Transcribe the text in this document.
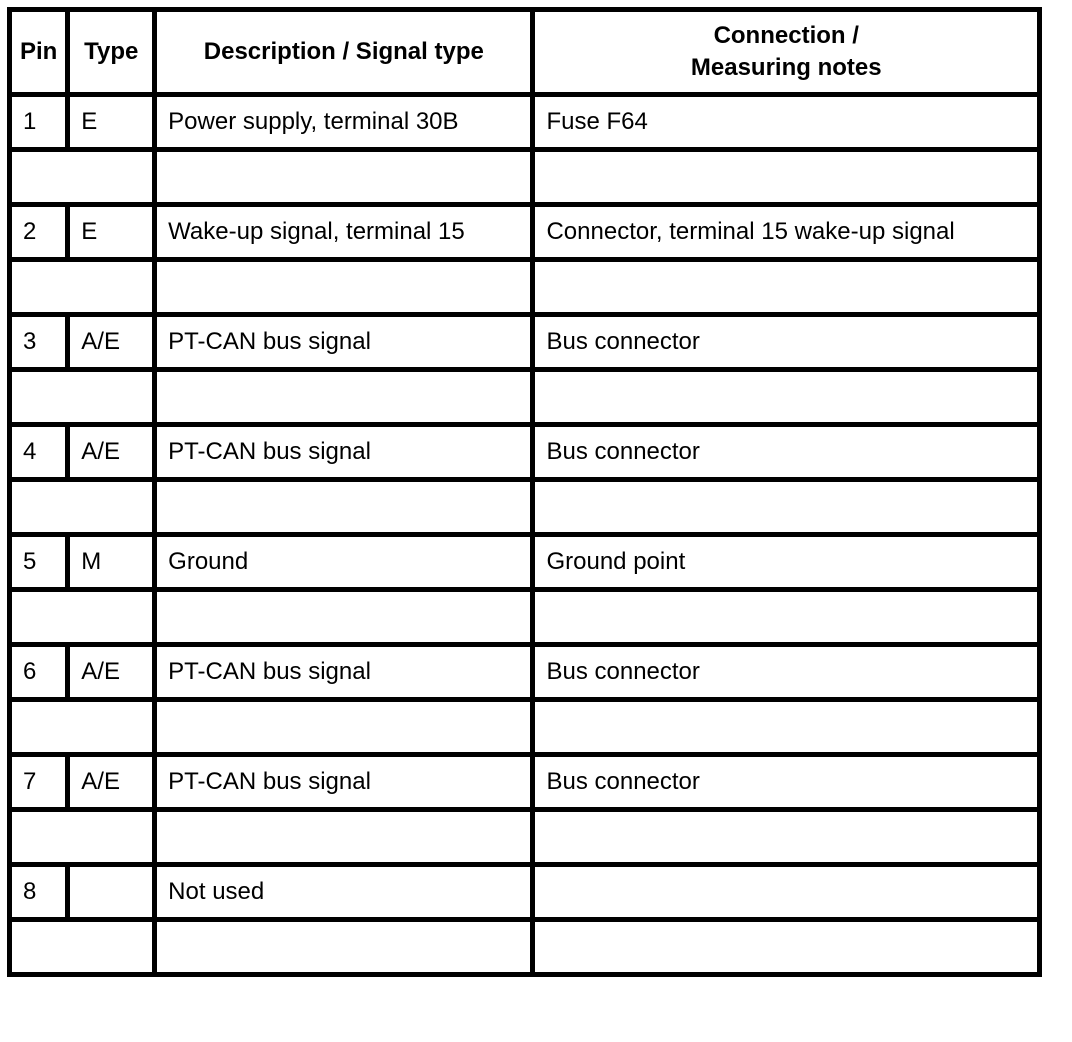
Pin	Type	Description / Signal type	Connection /
Measuring notes
1	E	Power supply, terminal 30B	Fuse F64

2	E	Wake-up signal, terminal 15	Connector, terminal 15 wake-up signal

3	A/E	PT-CAN bus signal	Bus connector

4	A/E	PT-CAN bus signal	Bus connector

5	M	Ground	Ground point

6	A/E	PT-CAN bus signal	Bus connector

7	A/E	PT-CAN bus signal	Bus connector

8		Not used	
